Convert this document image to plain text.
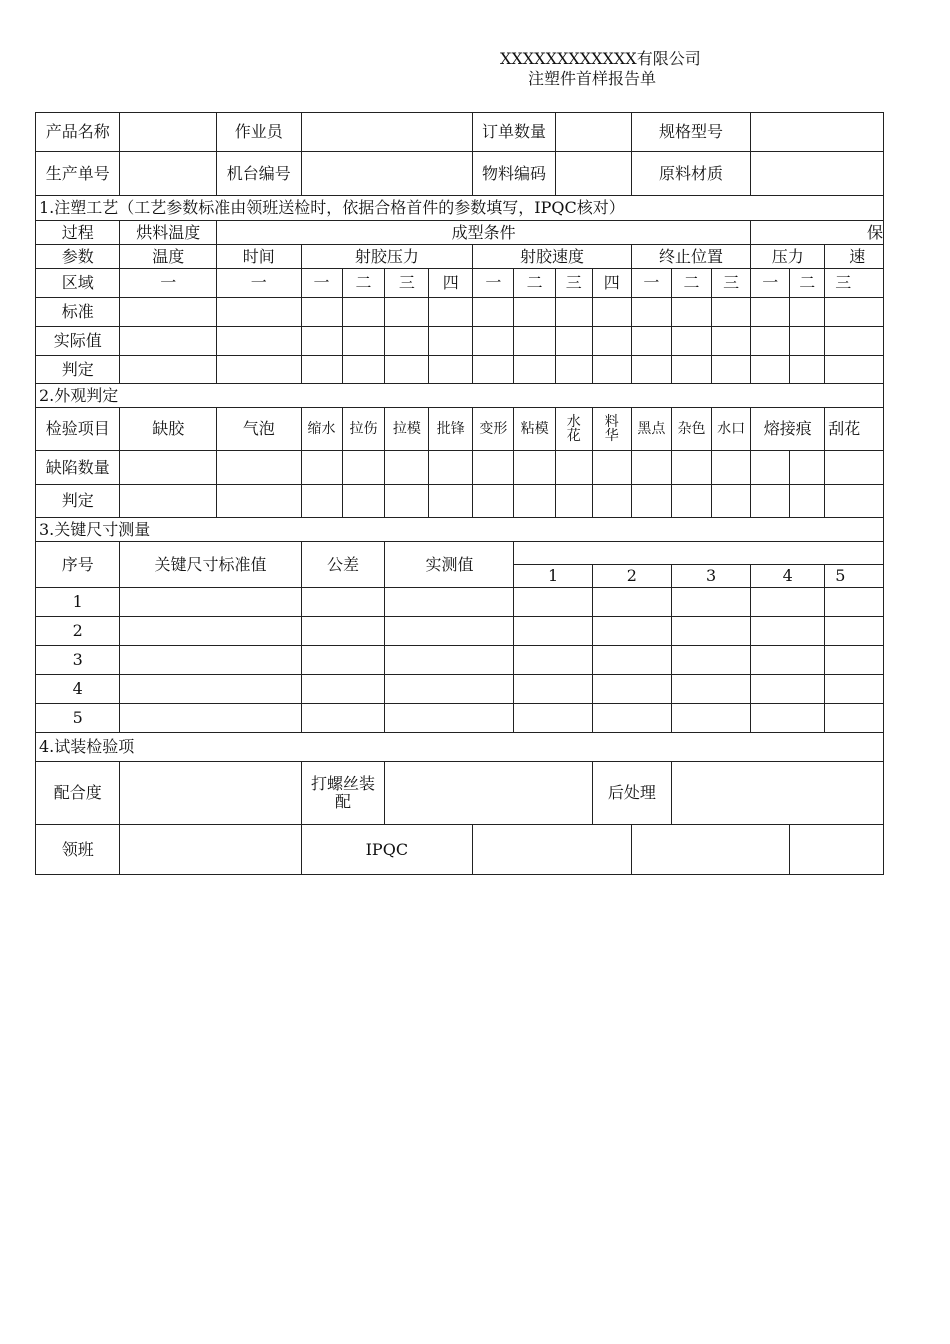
XXXXXXXXXXXX有限公司
注塑件首样报告单
产品名称		作业员					订单数量				规格型号					
生产单号		机台编号					物料编码				原料材质					
1.注塑工艺（工艺参数标准由领班送检时，依据合格首件的参数填写，IPQC核对）																
过程	烘料温度	成型条件												保		
参数	温度	时间	射胶压力				射胶速度				终止位置			压力		速
区域	一	一	一	二	三	四	一	二	三	四	一	二	三	一	二	三
标准																
实际值																
判定																
2.外观判定																
检验项目	缺胶	气泡	缩水	拉伤	拉模	批锋	变形	粘模	水花	料华	黑点	杂色	水口	熔接痕		刮花
缺陷数量																
判定																
3.关键尺寸测量																
序号	关键尺寸标准值		公差		实测值											
								1		2		3		4		5
1																
2																
3																
4																
5																
4.试装检验项																
配合度			打螺丝装配							后处理						
领班			IPQC													
